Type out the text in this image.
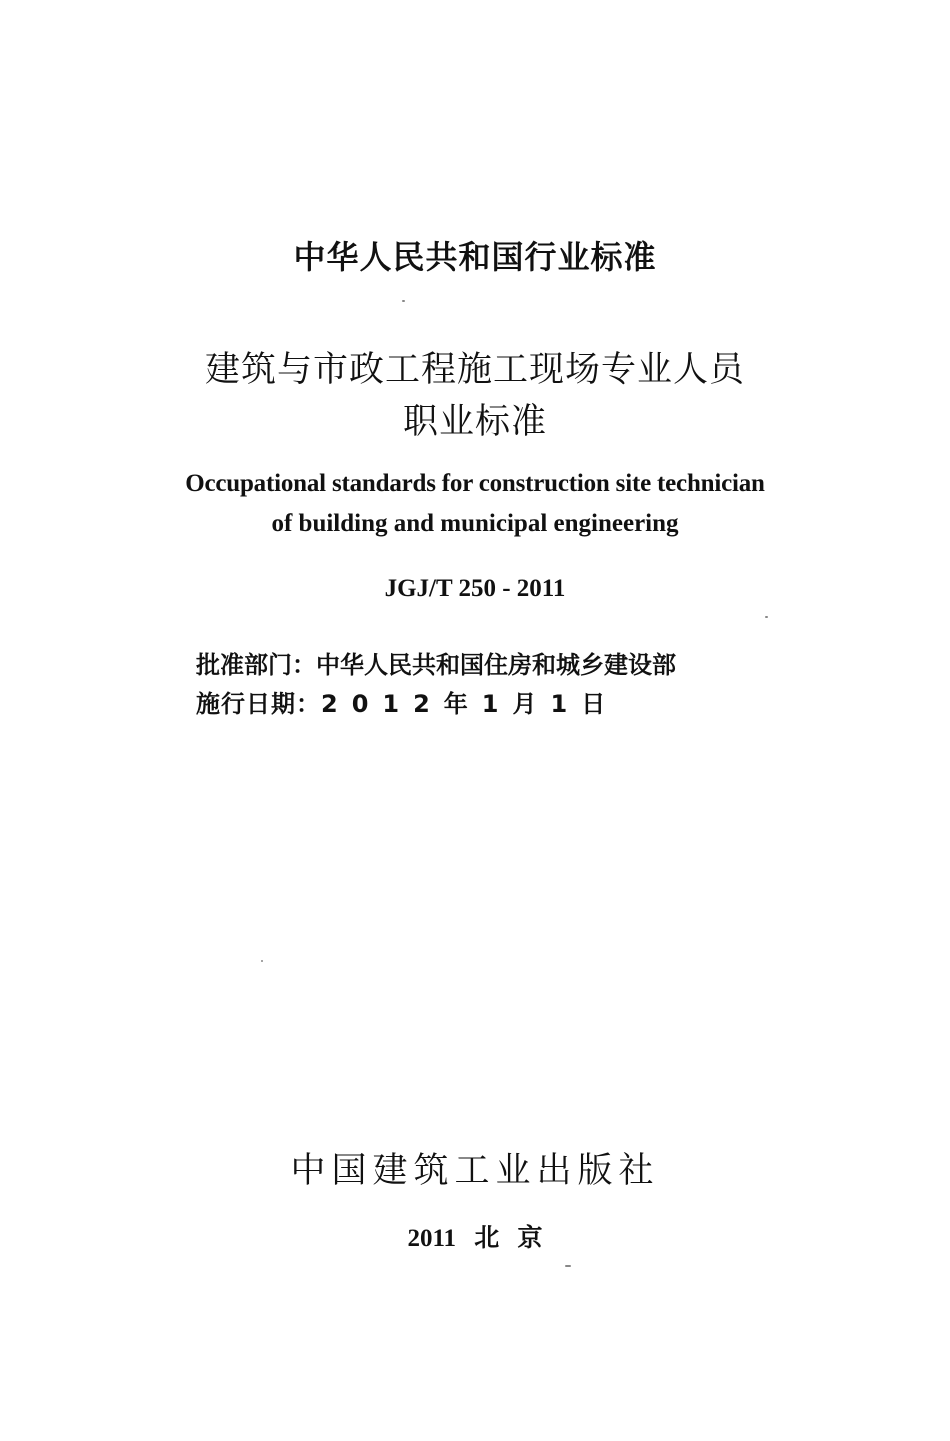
中华人民共和国行业标准
建筑与市政工程施工现场专业人员
职业标准
Occupational standards for construction site technician
of building and municipal engineering
JGJ/T 250 - 2011
批准部门：中华人民共和国住房和城乡建设部
施行日期：2012年1月1日
中国建筑工业出版社
2011 北 京
